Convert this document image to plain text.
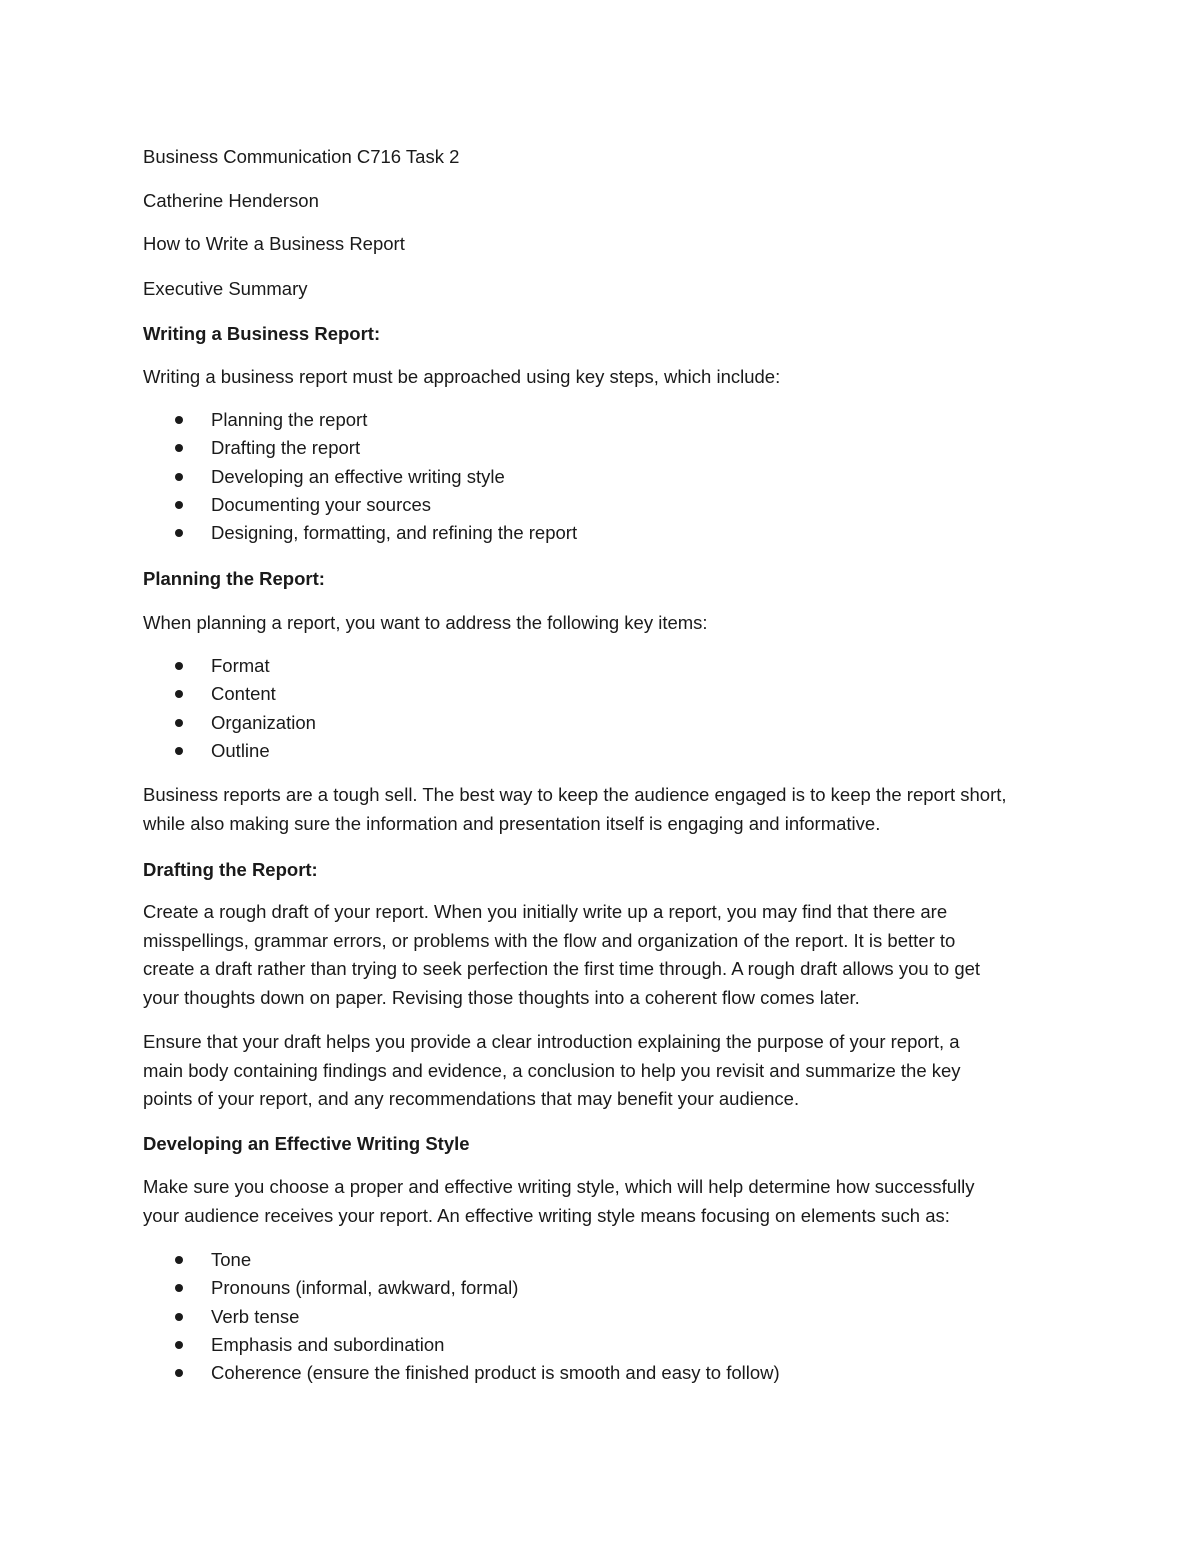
Business Communication C716 Task 2

Catherine Henderson

How to Write a Business Report

Executive Summary

Writing a Business Report:

Writing a business report must be approached using key steps, which include:

Planning the report
Drafting the report
Developing an effective writing style
Documenting your sources
Designing, formatting, and refining the report

Planning the Report:

When planning a report, you want to address the following key items:

Format
Content
Organization
Outline
Business reports are a tough sell. The best way to keep the audience engaged is to keep the report short,
while also making sure the information and presentation itself is engaging and informative.

Drafting the Report:

Create a rough draft of your report. When you initially write up a report, you may find that there are
misspellings, grammar errors, or problems with the flow and organization of the report. It is better to
create a draft rather than trying to seek perfection the first time through. A rough draft allows you to get
your thoughts down on paper. Revising those thoughts into a coherent flow comes later.
Ensure that your draft helps you provide a clear introduction explaining the purpose of your report, a
main body containing findings and evidence, a conclusion to help you revisit and summarize the key
points of your report, and any recommendations that may benefit your audience.

Developing an Effective Writing Style

Make sure you choose a proper and effective writing style, which will help determine how successfully
your audience receives your report. An effective writing style means focusing on elements such as:
Tone
Pronouns (informal, awkward, formal)
Verb tense
Emphasis and subordination
Coherence (ensure the finished product is smooth and easy to follow)
